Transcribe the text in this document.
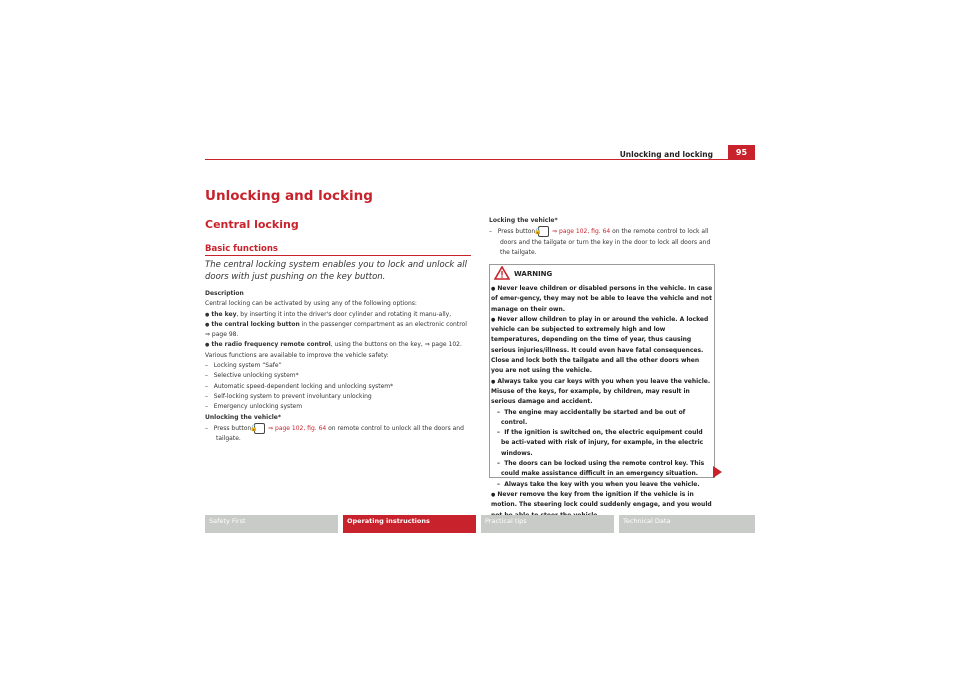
Unlocking and locking	95
Unlocking and locking
Central locking
Basic functions
The central locking system enables you to lock and unlock all doors with just pushing on the key button.

Description

Central locking can be activated by using any of the following options:

● the key, by inserting it into the driver's door cylinder and rotating it manu-ally,

● the central locking button in the passenger compartment as an electronic control ⇒ page 98.

● the radio frequency remote control, using the buttons on the key, ⇒ page 102.

Various functions are available to improve the vehicle safety:

–   Locking system “Safe”

–   Selective unlocking system*

–   Automatic speed-dependent locking and unlocking system*

–   Self-locking system to prevent involuntary unlocking

–   Emergency unlocking system

Unlocking the vehicle*

–   Press button 🔓 ⇒ page 102, fig. 64 on remote control to unlock all the doors and tailgate.

Locking the vehicle*

–   Press button 🔒 ⇒ page 102, fig. 64 on the remote control to lock all doors and the tailgate or turn the key in the door to lock all doors and the tailgate.

WARNING

● Never leave children or disabled persons in the vehicle. In case of emer-gency, they may not be able to leave the vehicle and not manage on their own.

● Never allow children to play in or around the vehicle. A locked vehicle can be subjected to extremely high and low temperatures, depending on the time of year, thus causing serious injuries/illness. It could even have fatal consequences. Close and lock both the tailgate and all the other doors when you are not using the vehicle.

● Always take you car keys with you when you leave the vehicle. Misuse of the keys, for example, by children, may result in serious damage and accident.

–  The engine may accidentally be started and be out of control.

–  If the ignition is switched on, the electric equipment could be acti-vated with risk of injury, for example, in the electric windows.

–  The doors can be locked using the remote control key. This could make assistance difficult in an emergency situation.

–  Always take the key with you when you leave the vehicle.

● Never remove the key from the ignition if the vehicle is in motion. The steering lock could suddenly engage, and you would

Safety First	Operating instructions	Practical tips	Technical Data
